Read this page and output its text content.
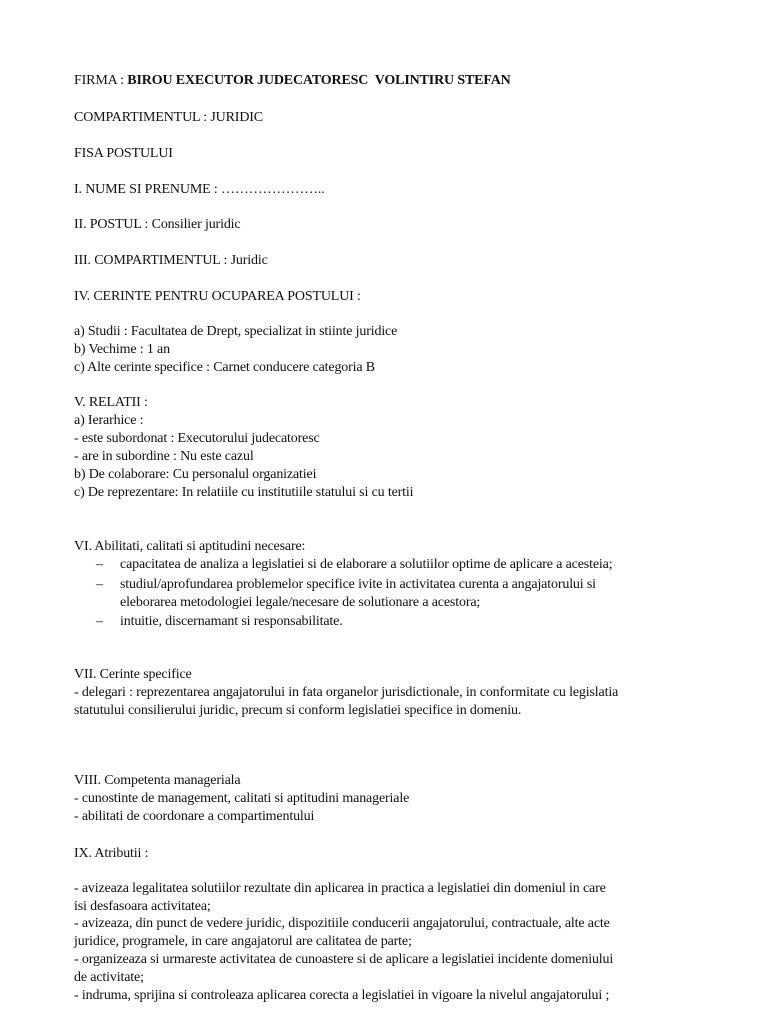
FIRMA : BIROU EXECUTOR JUDECATORESC  VOLINTIRU STEFAN
COMPARTIMENTUL : JURIDIC
FISA POSTULUI
I. NUME SI PRENUME : …………………..
II. POSTUL : Consilier juridic
III. COMPARTIMENTUL : Juridic
IV. CERINTE PENTRU OCUPAREA POSTULUI :
a) Studii : Facultatea de Drept, specializat in stiinte juridice
b) Vechime : 1 an
c) Alte cerinte specifice : Carnet conducere categoria B
V. RELATII :
a) Ierarhice :
- este subordonat : Executorului judecatoresc
- are in subordine : Nu este cazul
b) De colaborare: Cu personalul organizatiei
c) De reprezentare: In relatiile cu institutiile statului si cu tertii
VI. Abilitati, calitati si aptitudini necesare:
– capacitatea de analiza a legislatiei si de elaborare a solutiilor optime de aplicare a acesteia;
– studiul/aprofundarea problemelor specifice ivite in activitatea curenta a angajatorului si
eleborarea metodologiei legale/necesare de solutionare a acestora;
– intuitie, discernamant si responsabilitate.
VII. Cerinte specifice
- delegari : reprezentarea angajatorului in fata organelor jurisdictionale, in conformitate cu legislatia
statutului consilierului juridic, precum si conform legislatiei specifice in domeniu.
VIII. Competenta manageriala
- cunostinte de management, calitati si aptitudini manageriale
- abilitati de coordonare a compartimentului
IX. Atributii :
- avizeaza legalitatea solutiilor rezultate din aplicarea in practica a legislatiei din domeniul in care
isi desfasoara activitatea;
- avizeaza, din punct de vedere juridic, dispozitiile conducerii angajatorului, contractuale, alte acte
juridice, programele, in care angajatorul are calitatea de parte;
- organizeaza si urmareste activitatea de cunoastere si de aplicare a legislatiei incidente domeniului
de activitate;
- indruma, sprijina si controleaza aplicarea corecta a legislatiei in vigoare la nivelul angajatorului ;
